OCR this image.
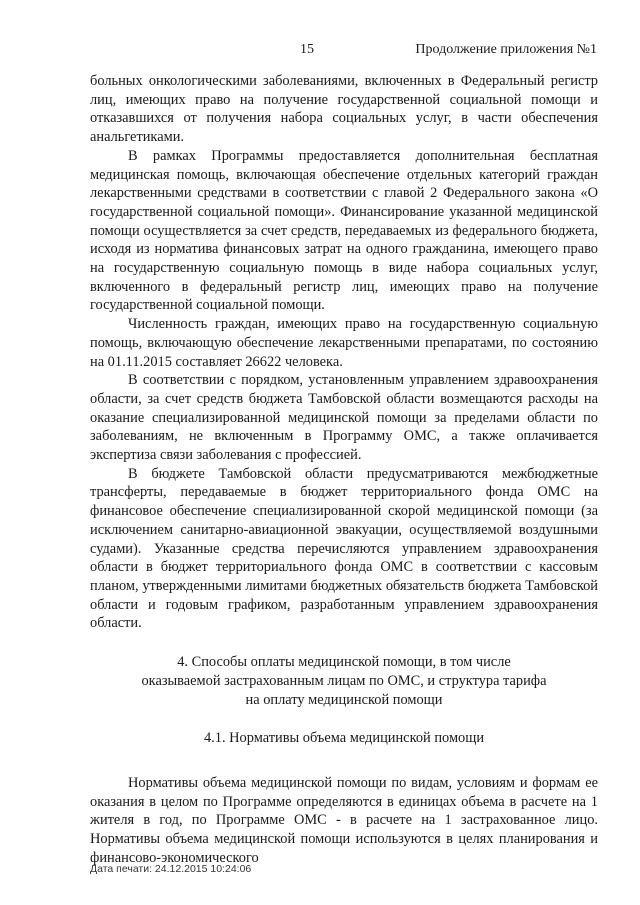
15	Продолжение приложения №1

больных онкологическими заболеваниями, включенных в Федеральный регистр лиц, имеющих право на получение государственной социальной помощи и отказавшихся от получения набора социальных услуг, в части обеспечения анальгетиками.

В рамках Программы предоставляется дополнительная бесплатная медицинская помощь, включающая обеспечение отдельных категорий граждан лекарственными средствами в соответствии с главой 2 Федерального закона «О государственной социальной помощи». Финансирование указанной медицинской помощи осуществляется за счет средств, передаваемых из федерального бюджета, исходя из норматива финансовых затрат на одного гражданина, имеющего право на государственную социальную помощь в виде набора социальных услуг, включенного в федеральный регистр лиц, имеющих право на получение государственной социальной помощи.

Численность граждан, имеющих право на государственную социальную помощь, включающую обеспечение лекарственными препаратами, по состоянию на 01.11.2015 составляет 26622 человека.

В соответствии с порядком, установленным управлением здравоохранения области, за счет средств бюджета Тамбовской области возмещаются расходы на оказание специализированной медицинской помощи за пределами области по заболеваниям, не включенным в Программу ОМС, а также оплачивается экспертиза связи заболевания с профессией.

В бюджете Тамбовской области предусматриваются межбюджетные трансферты, передаваемые в бюджет территориального фонда ОМС на финансовое обеспечение специализированной скорой медицинской помощи (за исключением санитарно-авиационной эвакуации, осуществляемой воздушными судами). Указанные средства перечисляются управлением здравоохранения области в бюджет территориального фонда ОМС в соответствии с кассовым планом, утвержденными лимитами бюджетных обязательств бюджета Тамбовской области и годовым графиком, разработанным управлением здравоохранения области.

4. Способы оплаты медицинской помощи, в том числе
оказываемой застрахованным лицам по ОМС, и структура тарифа
на оплату медицинской помощи
4.1. Нормативы объема медицинской помощи

Нормативы объема медицинской помощи по видам, условиям и формам ее оказания в целом по Программе определяются в единицах объема в расчете на 1 жителя в год, по Программе ОМС - в расчете на 1 застрахованное лицо. Нормативы объема медицинской помощи используются в целях планирования и финансово-экономического

Дата печати: 24.12.2015 10:24:06
